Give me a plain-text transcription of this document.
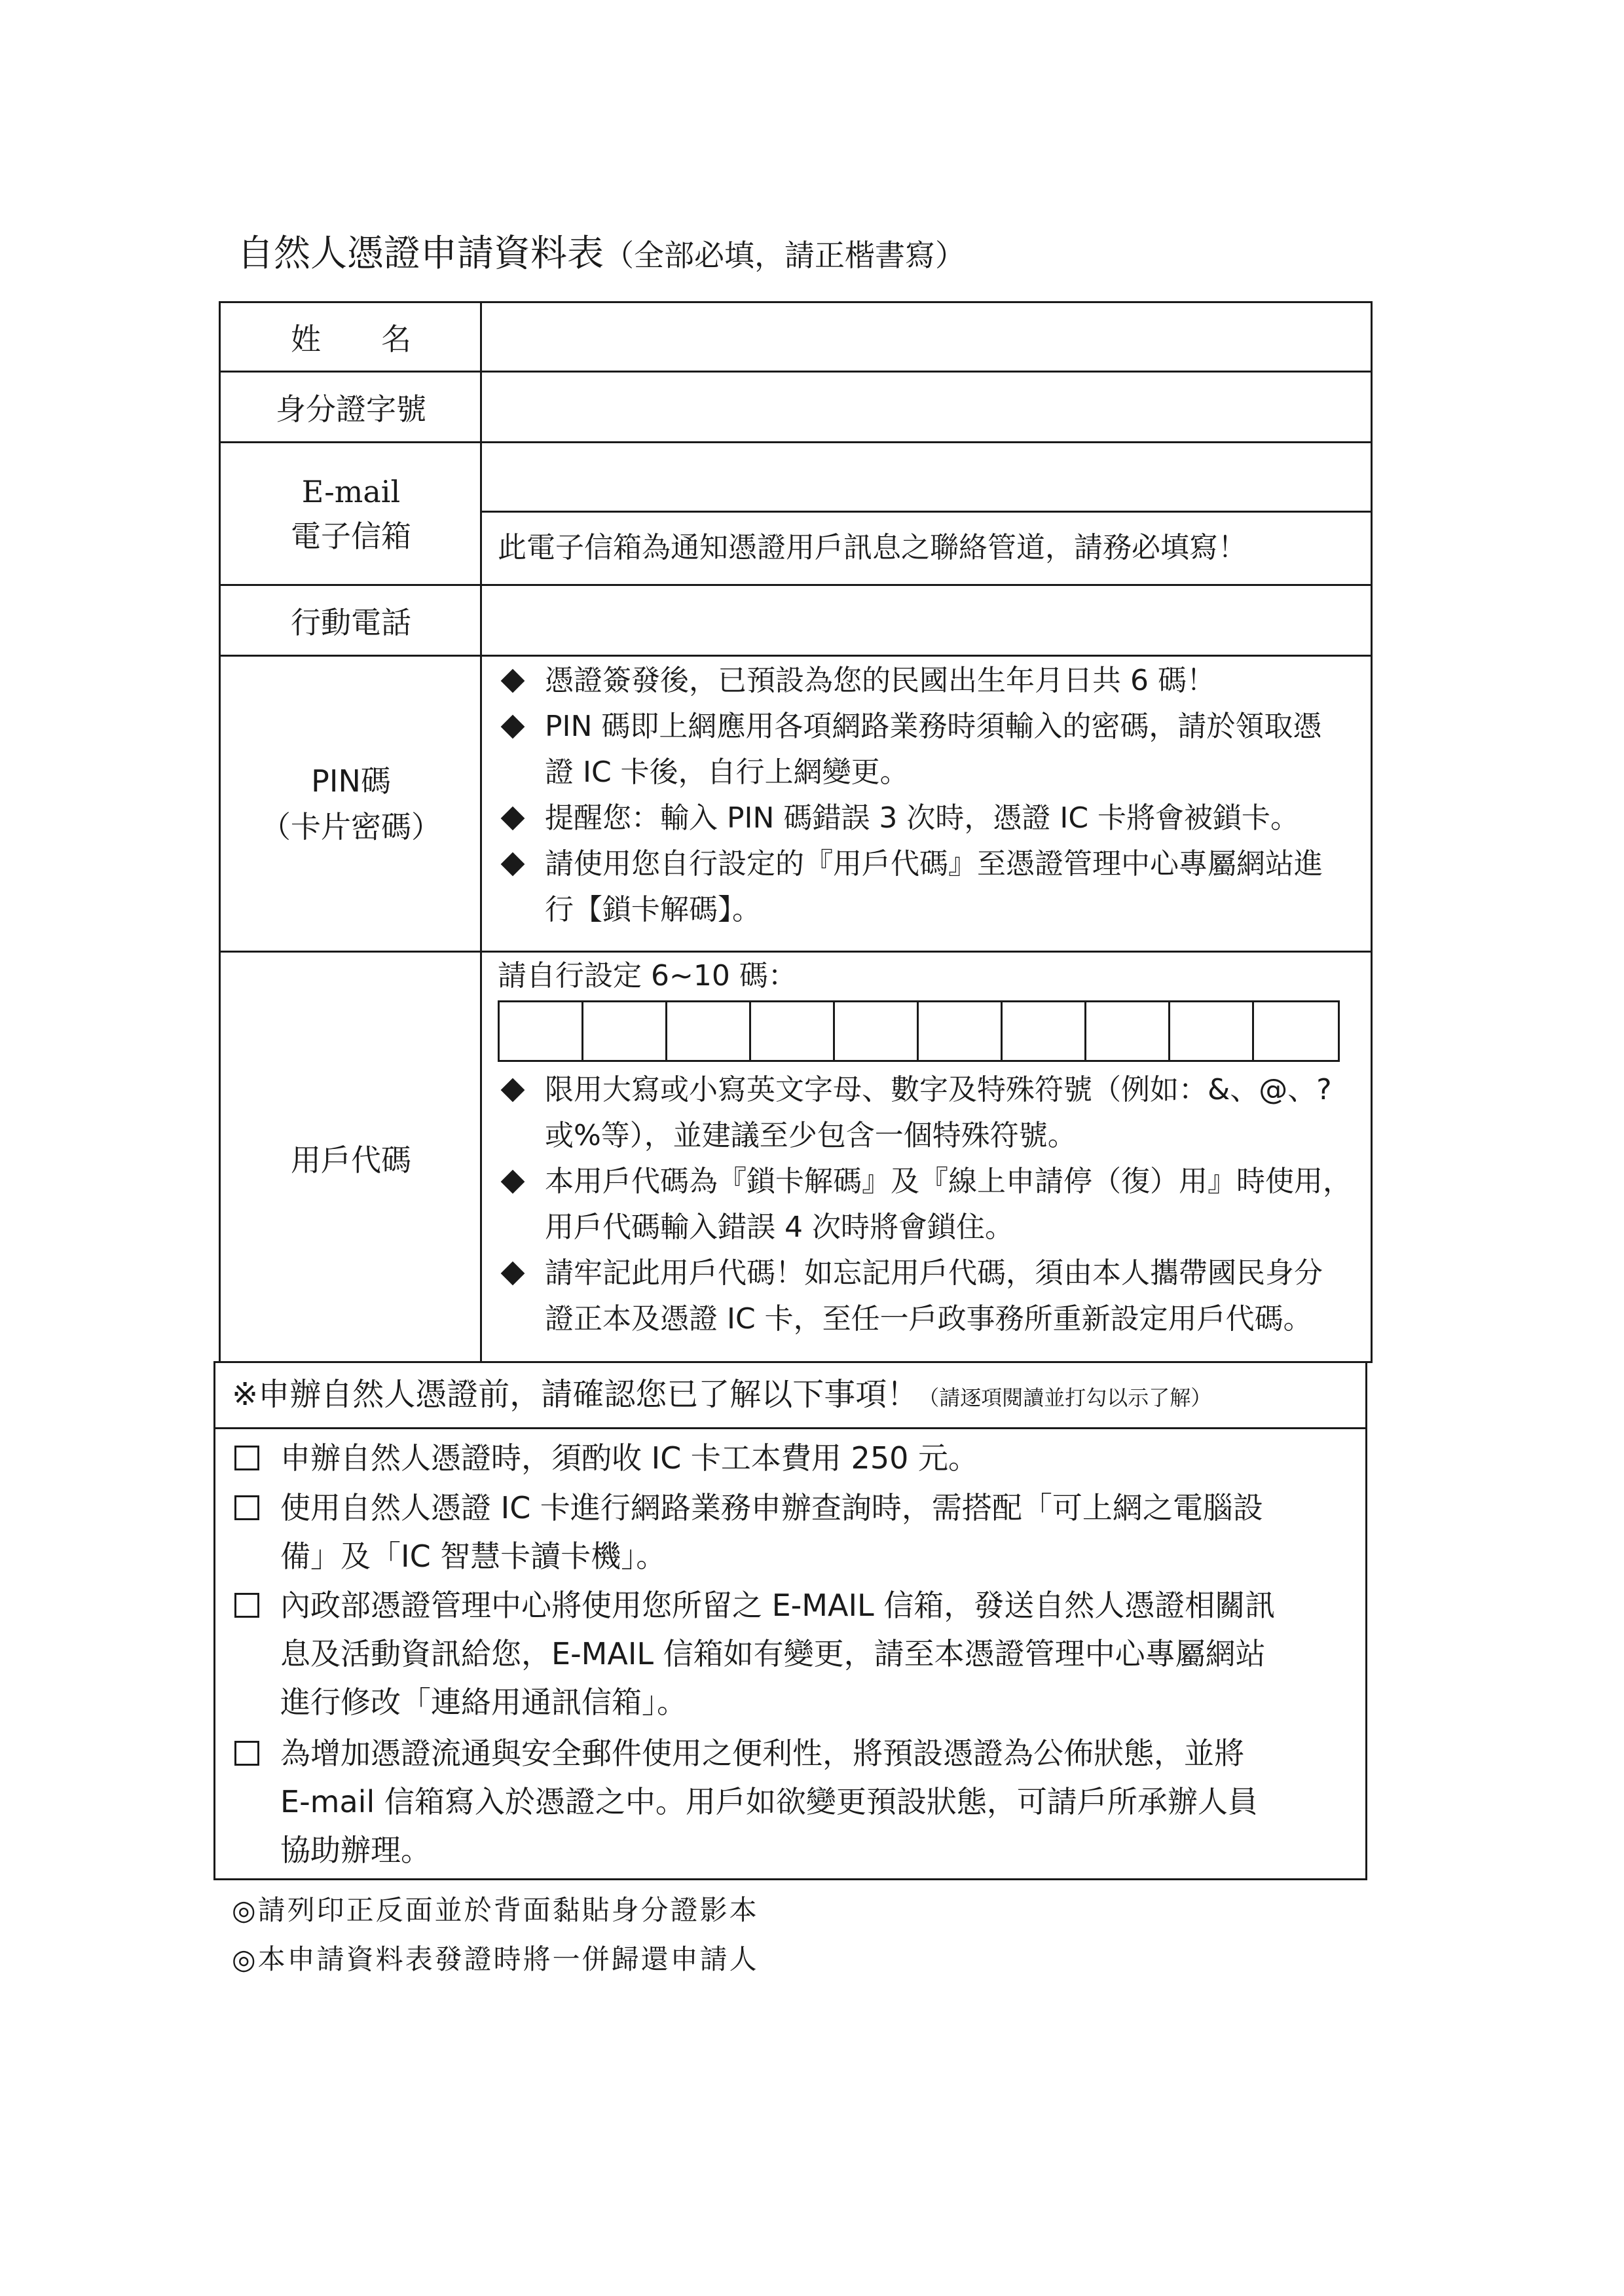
自然人憑證申請資料表（全部必填，請正楷書寫）
姓　　名
身分證字號
E-mail
電子信箱
行動電話
PIN碼
（卡片密碼）
用戶代碼
此電子信箱為通知憑證用戶訊息之聯絡管道，請務必填寫！
憑證簽發後，已預設為您的民國出生年月日共 6 碼！
PIN 碼即上網應用各項網路業務時須輸入的密碼，請於領取憑
證 IC 卡後，自行上網變更。
提醒您：輸入 PIN 碼錯誤 3 次時，憑證 IC 卡將會被鎖卡。
請使用您自行設定的『用戶代碼』至憑證管理中心專屬網站進
行【鎖卡解碼】。
請自行設定 6~10 碼：
限用大寫或小寫英文字母、數字及特殊符號（例如：&、@、?
或%等），並建議至少包含一個特殊符號。
本用戶代碼為『鎖卡解碼』及『線上申請停（復）用』時使用，
用戶代碼輸入錯誤 4 次時將會鎖住。
請牢記此用戶代碼！如忘記用戶代碼，須由本人攜帶國民身分
證正本及憑證 IC 卡，至任一戶政事務所重新設定用戶代碼。
※申辦自然人憑證前，請確認您已了解以下事項！（請逐項閱讀並打勾以示了解）
申辦自然人憑證時，須酌收 IC 卡工本費用 250 元。
使用自然人憑證 IC 卡進行網路業務申辦查詢時，需搭配「可上網之電腦設
備」及「IC 智慧卡讀卡機」。
內政部憑證管理中心將使用您所留之 E-MAIL 信箱，發送自然人憑證相關訊
息及活動資訊給您，E-MAIL 信箱如有變更，請至本憑證管理中心專屬網站
進行修改「連絡用通訊信箱」。
為增加憑證流通與安全郵件使用之便利性，將預設憑證為公佈狀態，並將
E-mail 信箱寫入於憑證之中。用戶如欲變更預設狀態，可請戶所承辦人員
協助辦理。
◎請列印正反面並於背面黏貼身分證影本
◎本申請資料表發證時將一併歸還申請人
